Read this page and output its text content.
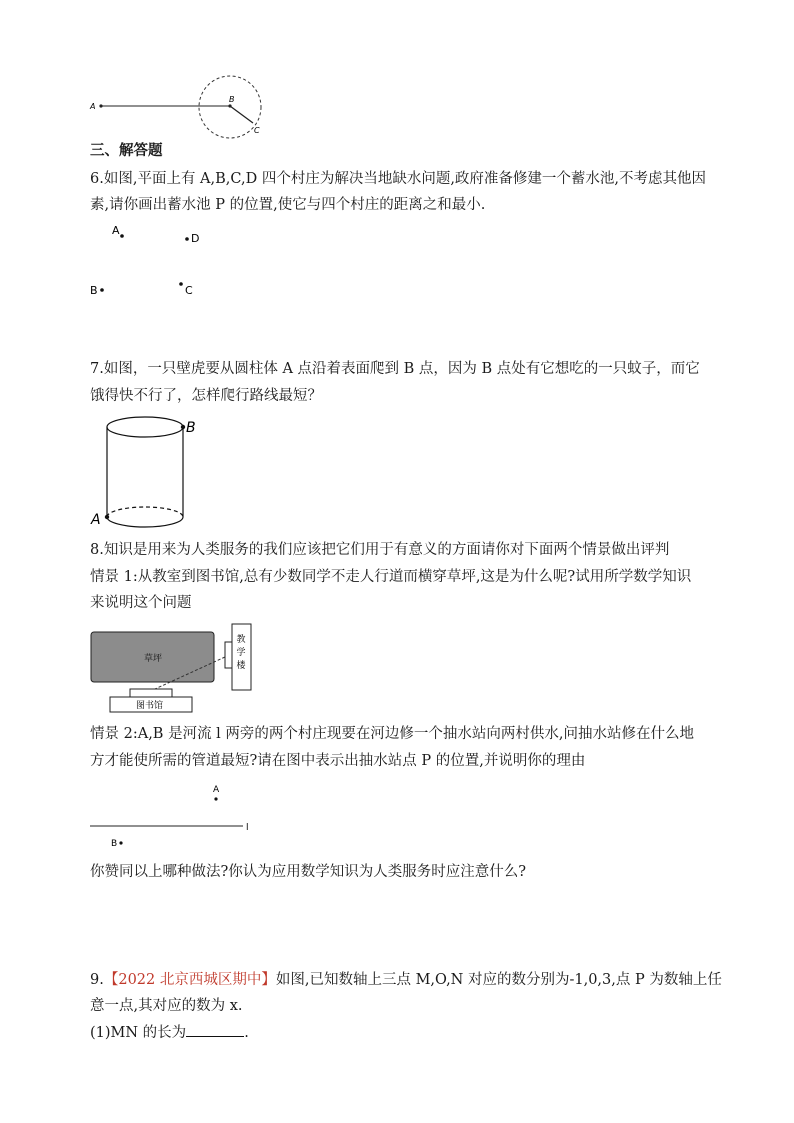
A
B
C
三、解答题
6.如图,平面上有 A,B,C,D 四个村庄为解决当地缺水问题,政府准备修建一个蓄水池,不考虑其他因
素,请你画出蓄水池 P 的位置,使它与四个村庄的距离之和最小.
A
D
B	C
7.如图，一只壁虎要从圆柱体 A 点沿着表面爬到 B 点，因为 B 点处有它想吃的一只蚊子，而它
饿得快不行了，怎样爬行路线最短？
B
A
8.知识是用来为人类服务的我们应该把它们用于有意义的方面请你对下面两个情景做出评判
情景 1:从教室到图书馆,总有少数同学不走人行道而横穿草坪,这是为什么呢?试用所学数学知识
来说明这个问题
草坪
教
学
楼
图书馆
情景 2:A,B 是河流 l 两旁的两个村庄现要在河边修一个抽水站向两村供水,问抽水站修在什么地
方才能使所需的管道最短?请在图中表示出抽水站点 P 的位置,并说明你的理由
A
l
B
你赞同以上哪种做法?你认为应用数学知识为人类服务时应注意什么?
9.【2022 北京西城区期中】如图,已知数轴上三点 M,O,N 对应的数分别为-1,0,3,点 P 为数轴上任
意一点,其对应的数为 x.
(1)MN 的长为	.
